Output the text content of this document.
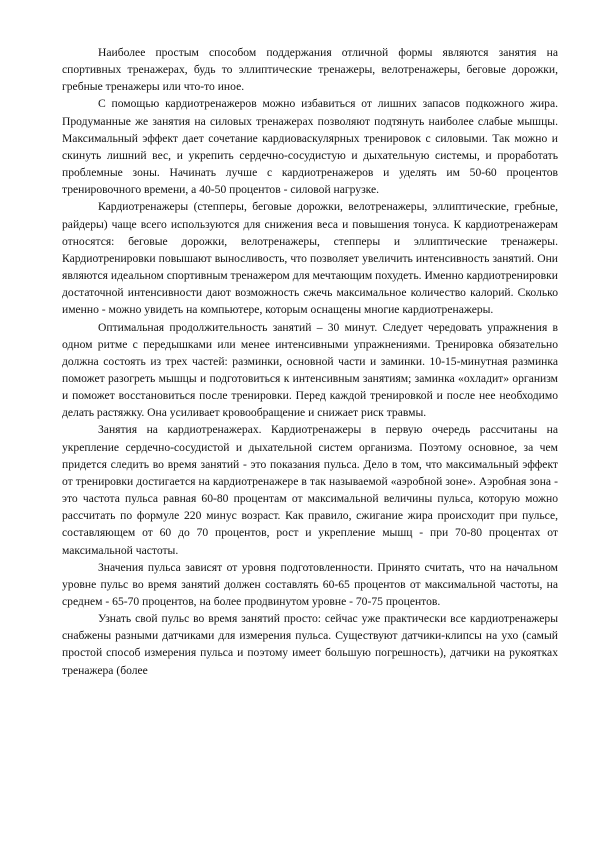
Наиболее простым способом поддержания отличной формы являются занятия на спортивных тренажерах, будь то эллиптические тренажеры, велотренажеры, беговые дорожки, гребные тренажеры или что-то иное.

С помощью кардиотренажеров можно избавиться от лишних запасов подкожного жира. Продуманные же занятия на силовых тренажерах позволяют подтянуть наиболее слабые мышцы. Максимальный эффект дает сочетание кардиоваскулярных тренировок с силовыми. Так можно и скинуть лишний вес, и укрепить сердечно-сосудистую и дыхательную системы, и проработать проблемные зоны. Начинать лучше с кардиотренажеров и уделять им 50-60 процентов тренировочного времени, а 40-50 процентов - силовой нагрузке.

Кардиотренажеры (степперы, беговые дорожки, велотренажеры, эллиптические, гребные, райдеры) чаще всего используются для снижения веса и повышения тонуса. К кардиотренажерам относятся: беговые дорожки, велотренажеры, степперы и эллиптические тренажеры. Кардиотренировки повышают выносливость, что позволяет увеличить интенсивность занятий. Они являются идеальном спортивным тренажером для мечтающим похудеть. Именно кардиотренировки достаточной интенсивности дают возможность сжечь максимальное количество калорий. Сколько именно - можно увидеть на компьютере, которым оснащены многие кардиотренажеры.

Оптимальная продолжительность занятий – 30 минут. Следует чередовать упражнения в одном ритме с передышками или менее интенсивными упражнениями. Тренировка обязательно должна состоять из трех частей: разминки, основной части и заминки. 10-15-минутная разминка поможет разогреть мышцы и подготовиться к интенсивным занятиям; заминка «охладит» организм и поможет восстановиться после тренировки. Перед каждой тренировкой и после нее необходимо делать растяжку. Она усиливает кровообращение и снижает риск травмы.

Занятия на кардиотренажерах. Кардиотренажеры в первую очередь рассчитаны на укрепление сердечно-сосудистой и дыхательной систем организма. Поэтому основное, за чем придется следить во время занятий - это показания пульса. Дело в том, что максимальный эффект от тренировки достигается на кардиотренажере в так называемой «аэробной зоне». Аэробная зона - это частота пульса равная 60-80 процентам от максимальной величины пульса, которую можно рассчитать по формуле 220 минус возраст. Как правило, сжигание жира происходит при пульсе, составляющем от 60 до 70 процентов, рост и укрепление мышц - при 70-80 процентах от максимальной частоты.

Значения пульса зависят от уровня подготовленности. Принято считать, что на начальном уровне пульс во время занятий должен составлять 60-65 процентов от максимальной частоты, на среднем - 65-70 процентов, на более продвинутом уровне - 70-75 процентов.

Узнать свой пульс во время занятий просто: сейчас уже практически все кардиотренажеры снабжены разными датчиками для измерения пульса. Существуют датчики-клипсы на ухо (самый простой способ измерения пульса и поэтому имеет большую погрешность), датчики на рукоятках тренажера (более
